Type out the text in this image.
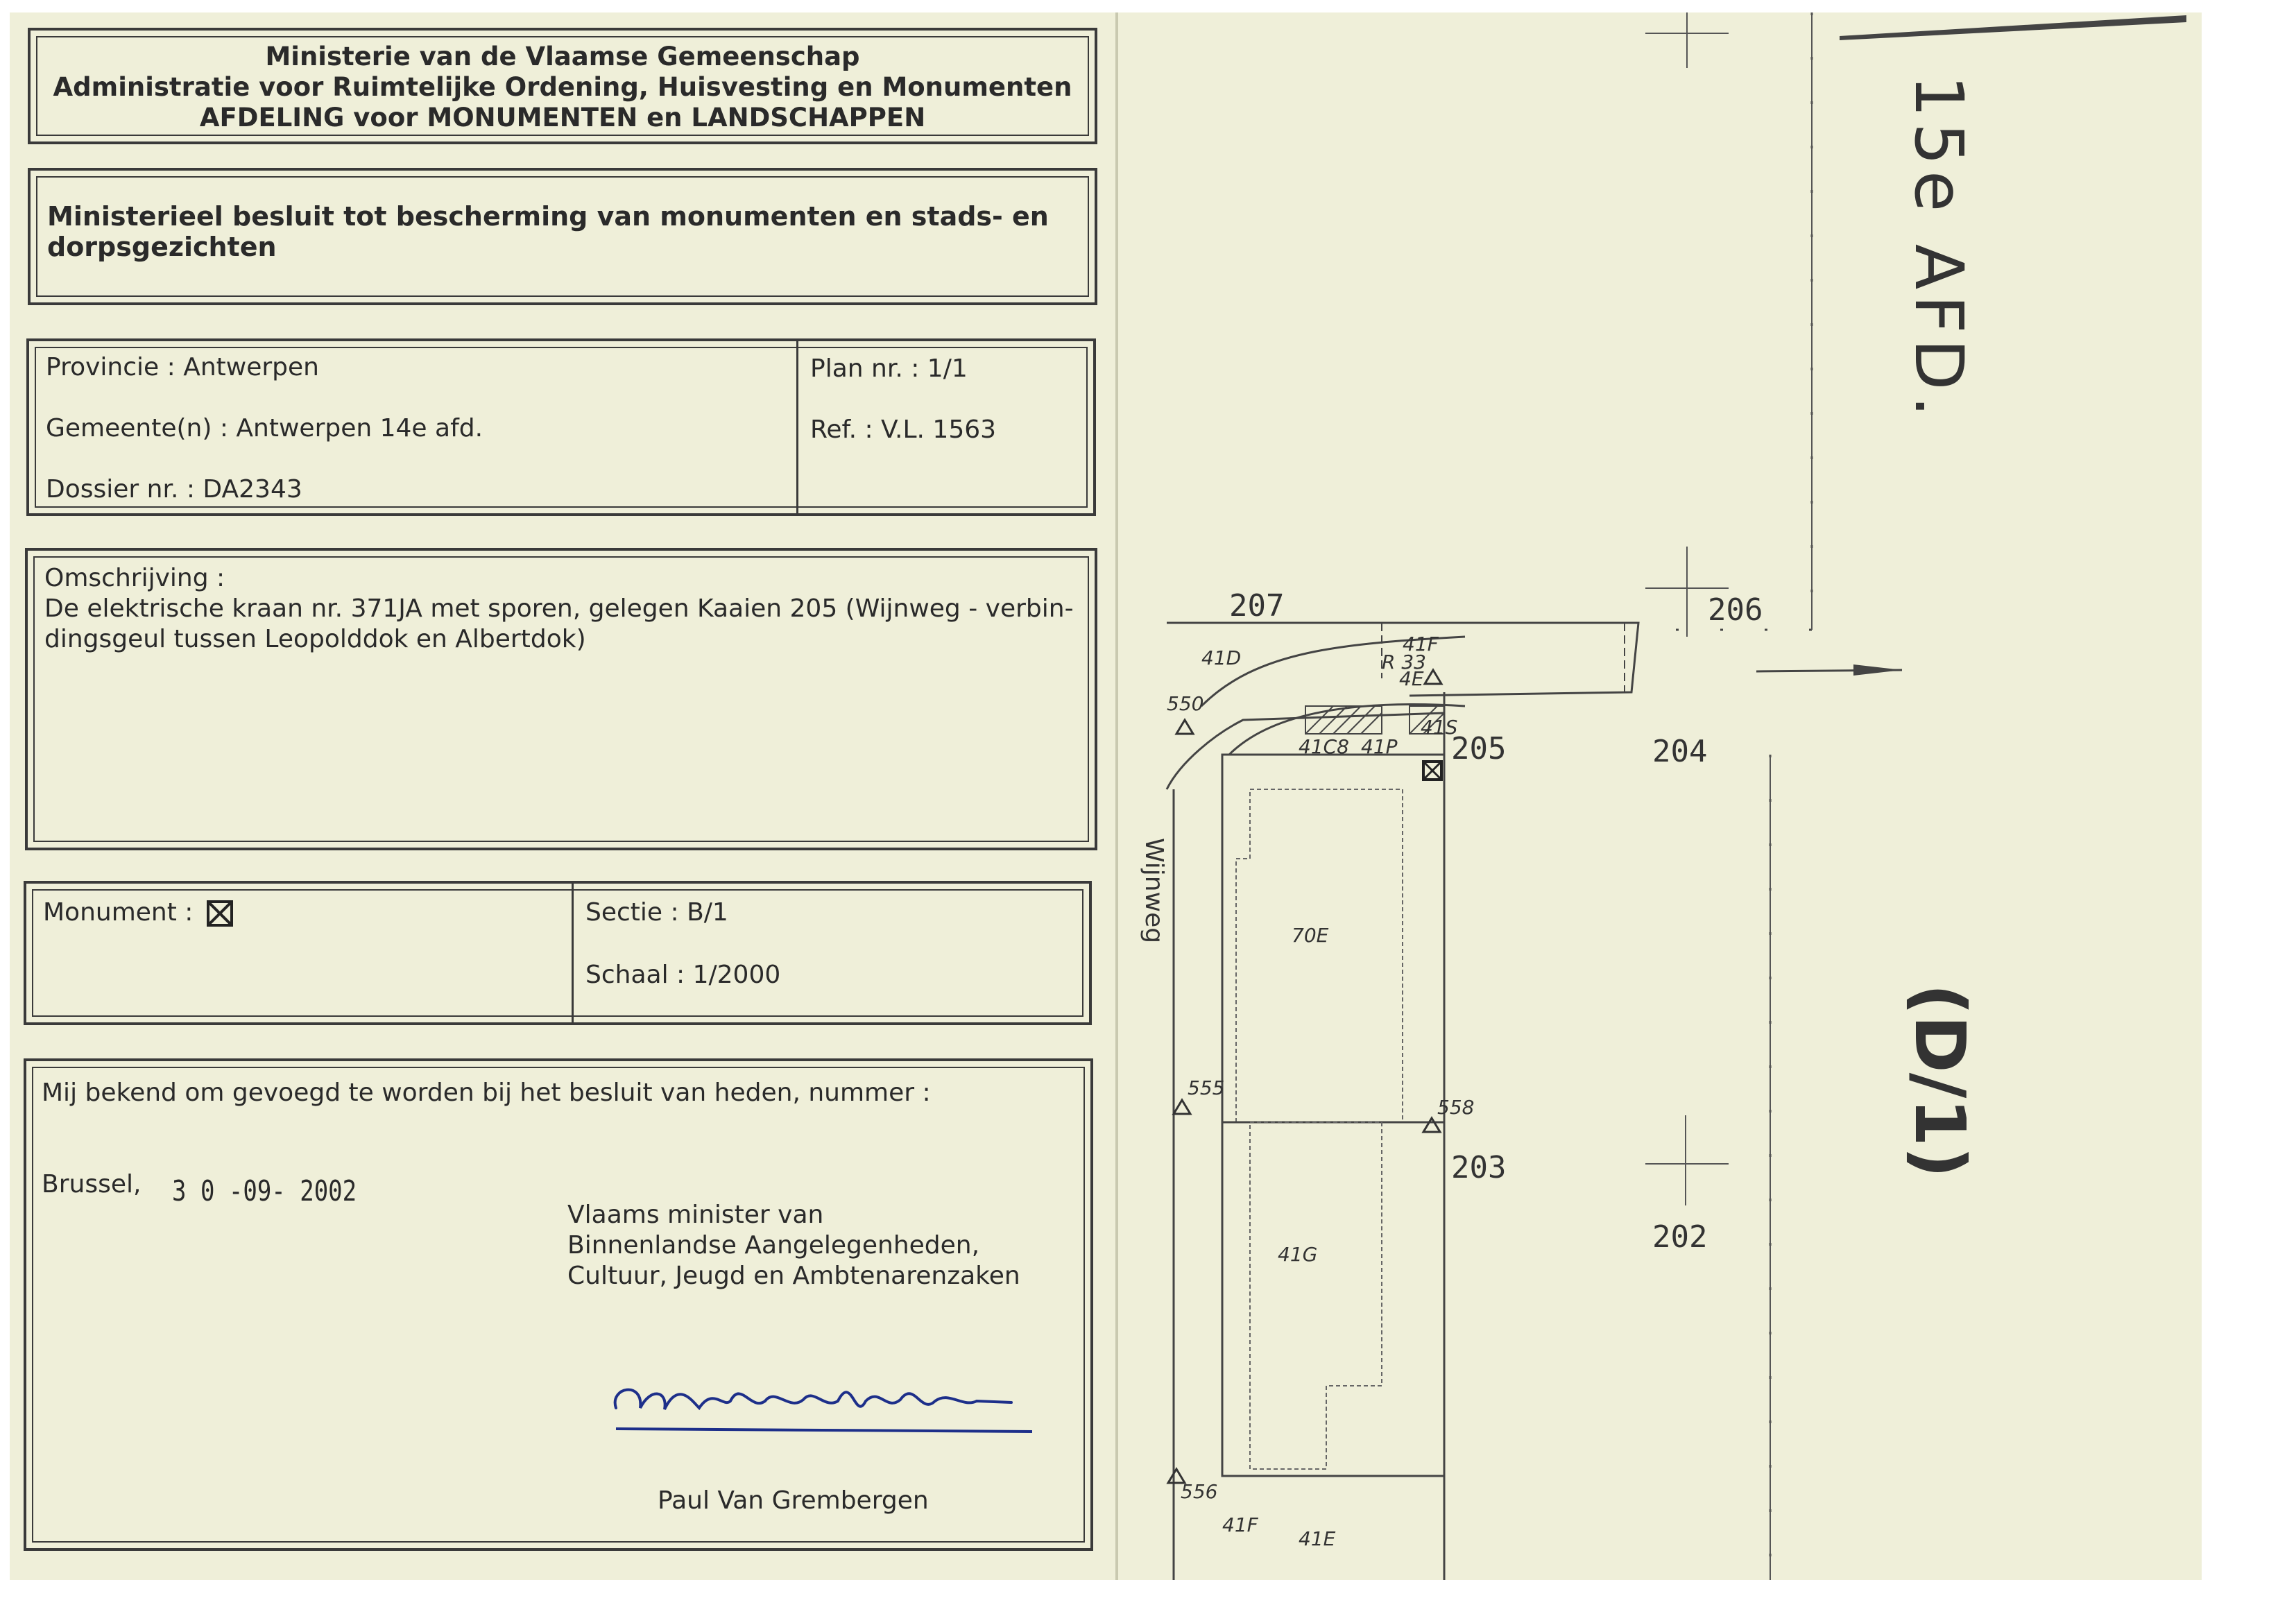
Ministerie van de Vlaamse Gemeenschap
Administratie voor Ruimtelijke Ordening, Huisvesting en Monumenten
AFDELING voor MONUMENTEN en LANDSCHAPPEN
Ministerieel besluit tot bescherming van monumenten en stads- en
dorpsgezichten
Provincie : Antwerpen
Gemeente(n) : Antwerpen 14e afd.
Dossier nr. : DA2343
Plan nr. : 1/1
Ref. : V.L. 1563
Omschrijving :
De elektrische kraan nr. 371JA met sporen, gelegen Kaaien 205 (Wijnweg - verbin-
dingsgeul tussen Leopolddok en Albertdok)
Monument :	Sectie : B/1
Schaal : 1/2000
Mij bekend om gevoegd te worden bij het besluit van heden, nummer :
Brussel, 3 0 -09- 2002
Vlaams minister van
Binnenlandse Aangelegenheden,
Cultuur, Jeugd en Ambtenarenzaken
Paul Van Grembergen
15e AFD.
(D/1)
Wijnweg
207	206
205	204
203
202
R 33
550
555
558
556
41C8 41P
41S
70E
41D
41F
4E
41G
41F
41E
